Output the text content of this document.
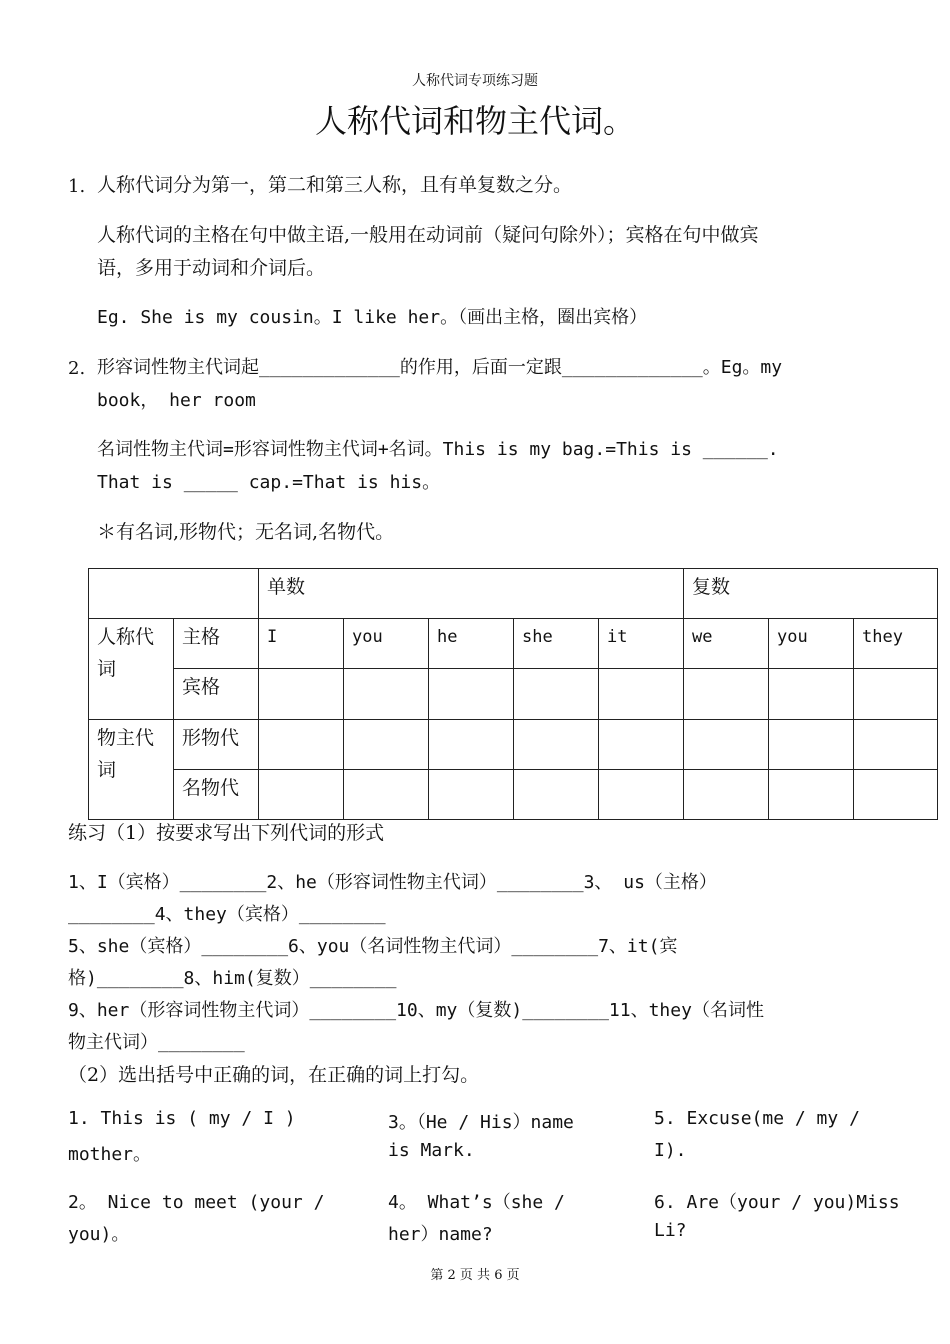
人称代词专项练习题
人称代词和物主代词。
1. 人称代词分为第一，第二和第三人称，且有单复数之分。
人称代词的主格在句中做主语,一般用在动词前（疑问句除外）；宾格在句中做宾
语，多用于动词和介词后。
Eg. She is my cousin。I like her。（画出主格，圈出宾格）
2. 形容词性物主代词起_____________的作用，后面一定跟_____________。Eg。my
book， her room
名词性物主代词=形容词性物主代词+名词。This is my bag.=This is ______.
That is _____ cap.=That is his。
＊有名词,形物代；无名词,名物代。
		单数					复数		
人称代词	主格	I	you	he	she	it	we	you	they
	宾格								
物主代词	形物代								
	名物代								
练习（1）按要求写出下列代词的形式
1、I（宾格）________2、he（形容词性物主代词）________3、 us（主格）
________4、they（宾格）________
5、she（宾格）________6、you（名词性物主代词）________7、it(宾
格)________8、him(复数）________
9、her（形容词性物主代词）________10、my（复数)________11、they（名词性
物主代词）________
（2）选出括号中正确的词，在正确的词上打勾。
1. This is ( my / I )
mother。
3。（He / His）name
is Mark.
5. Excuse(me / my /
I).
2。 Nice to meet (your /
you)。
4。 What’s（she /
her）name?
6. Are（your / you)Miss
Li?
第 2 页 共 6 页
